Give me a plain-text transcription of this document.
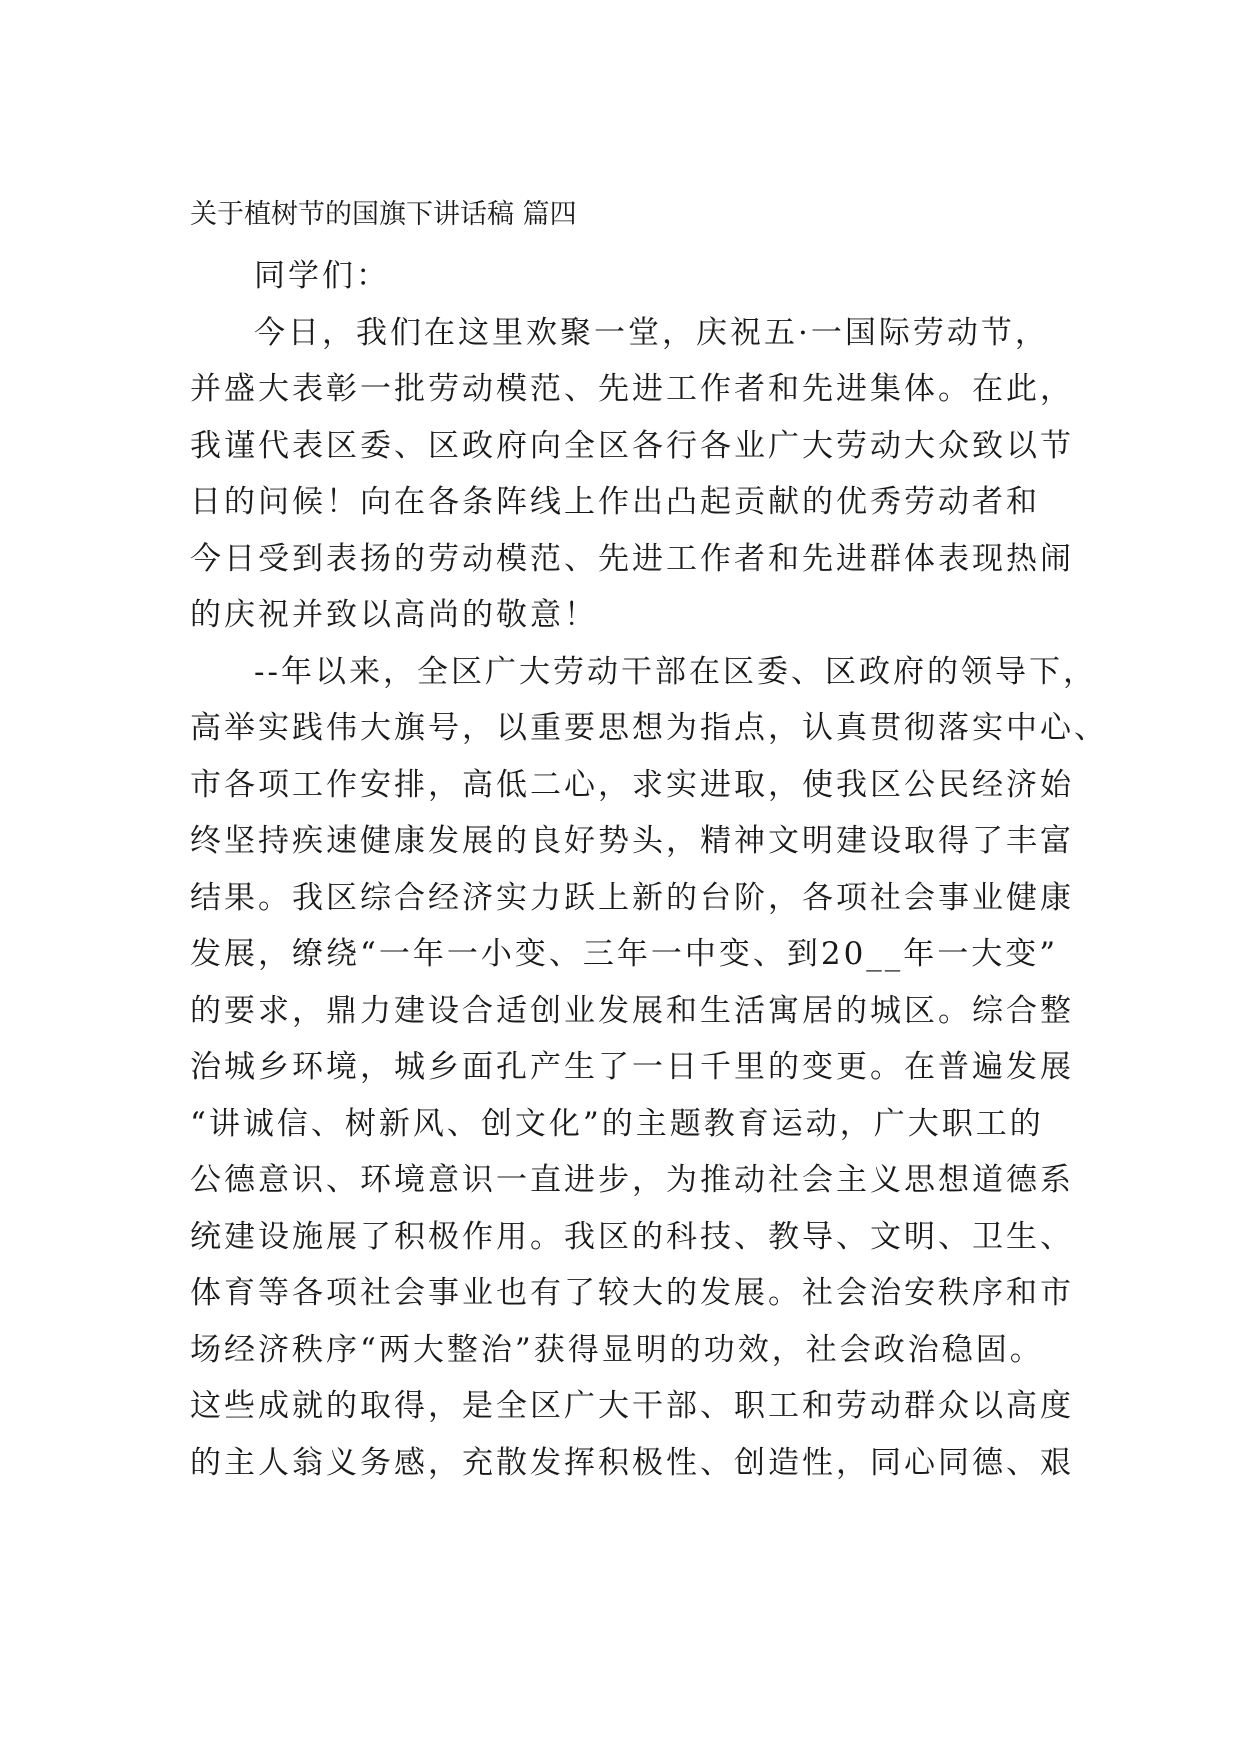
关于植树节的国旗下讲话稿 篇四
同学们：
今日，我们在这里欢聚一堂，庆祝五·一国际劳动节，
并盛大表彰一批劳动模范、先进工作者和先进集体。在此，
我谨代表区委、区政府向全区各行各业广大劳动大众致以节
日的问候！向在各条阵线上作出凸起贡献的优秀劳动者和
今日受到表扬的劳动模范、先进工作者和先进群体表现热闹
的庆祝并致以高尚的敬意！
--年以来，全区广大劳动干部在区委、区政府的领导下，
高举实践伟大旗号，以重要思想为指点，认真贯彻落实中心、
市各项工作安排，高低二心，求实进取，使我区公民经济始
终坚持疾速健康发展的良好势头，精神文明建设取得了丰富
结果。我区综合经济实力跃上新的台阶，各项社会事业健康
发展，缭绕“一年一小变、三年一中变、到20__年一大变”
的要求，鼎力建设合适创业发展和生活寓居的城区。综合整
治城乡环境，城乡面孔产生了一日千里的变更。在普遍发展
“讲诚信、树新风、创文化”的主题教育运动，广大职工的
公德意识、环境意识一直进步，为推动社会主义思想道德系
统建设施展了积极作用。我区的科技、教导、文明、卫生、
体育等各项社会事业也有了较大的发展。社会治安秩序和市
场经济秩序“两大整治”获得显明的功效，社会政治稳固。
这些成就的取得，是全区广大干部、职工和劳动群众以高度
的主人翁义务感，充散发挥积极性、创造性，同心同德、艰
